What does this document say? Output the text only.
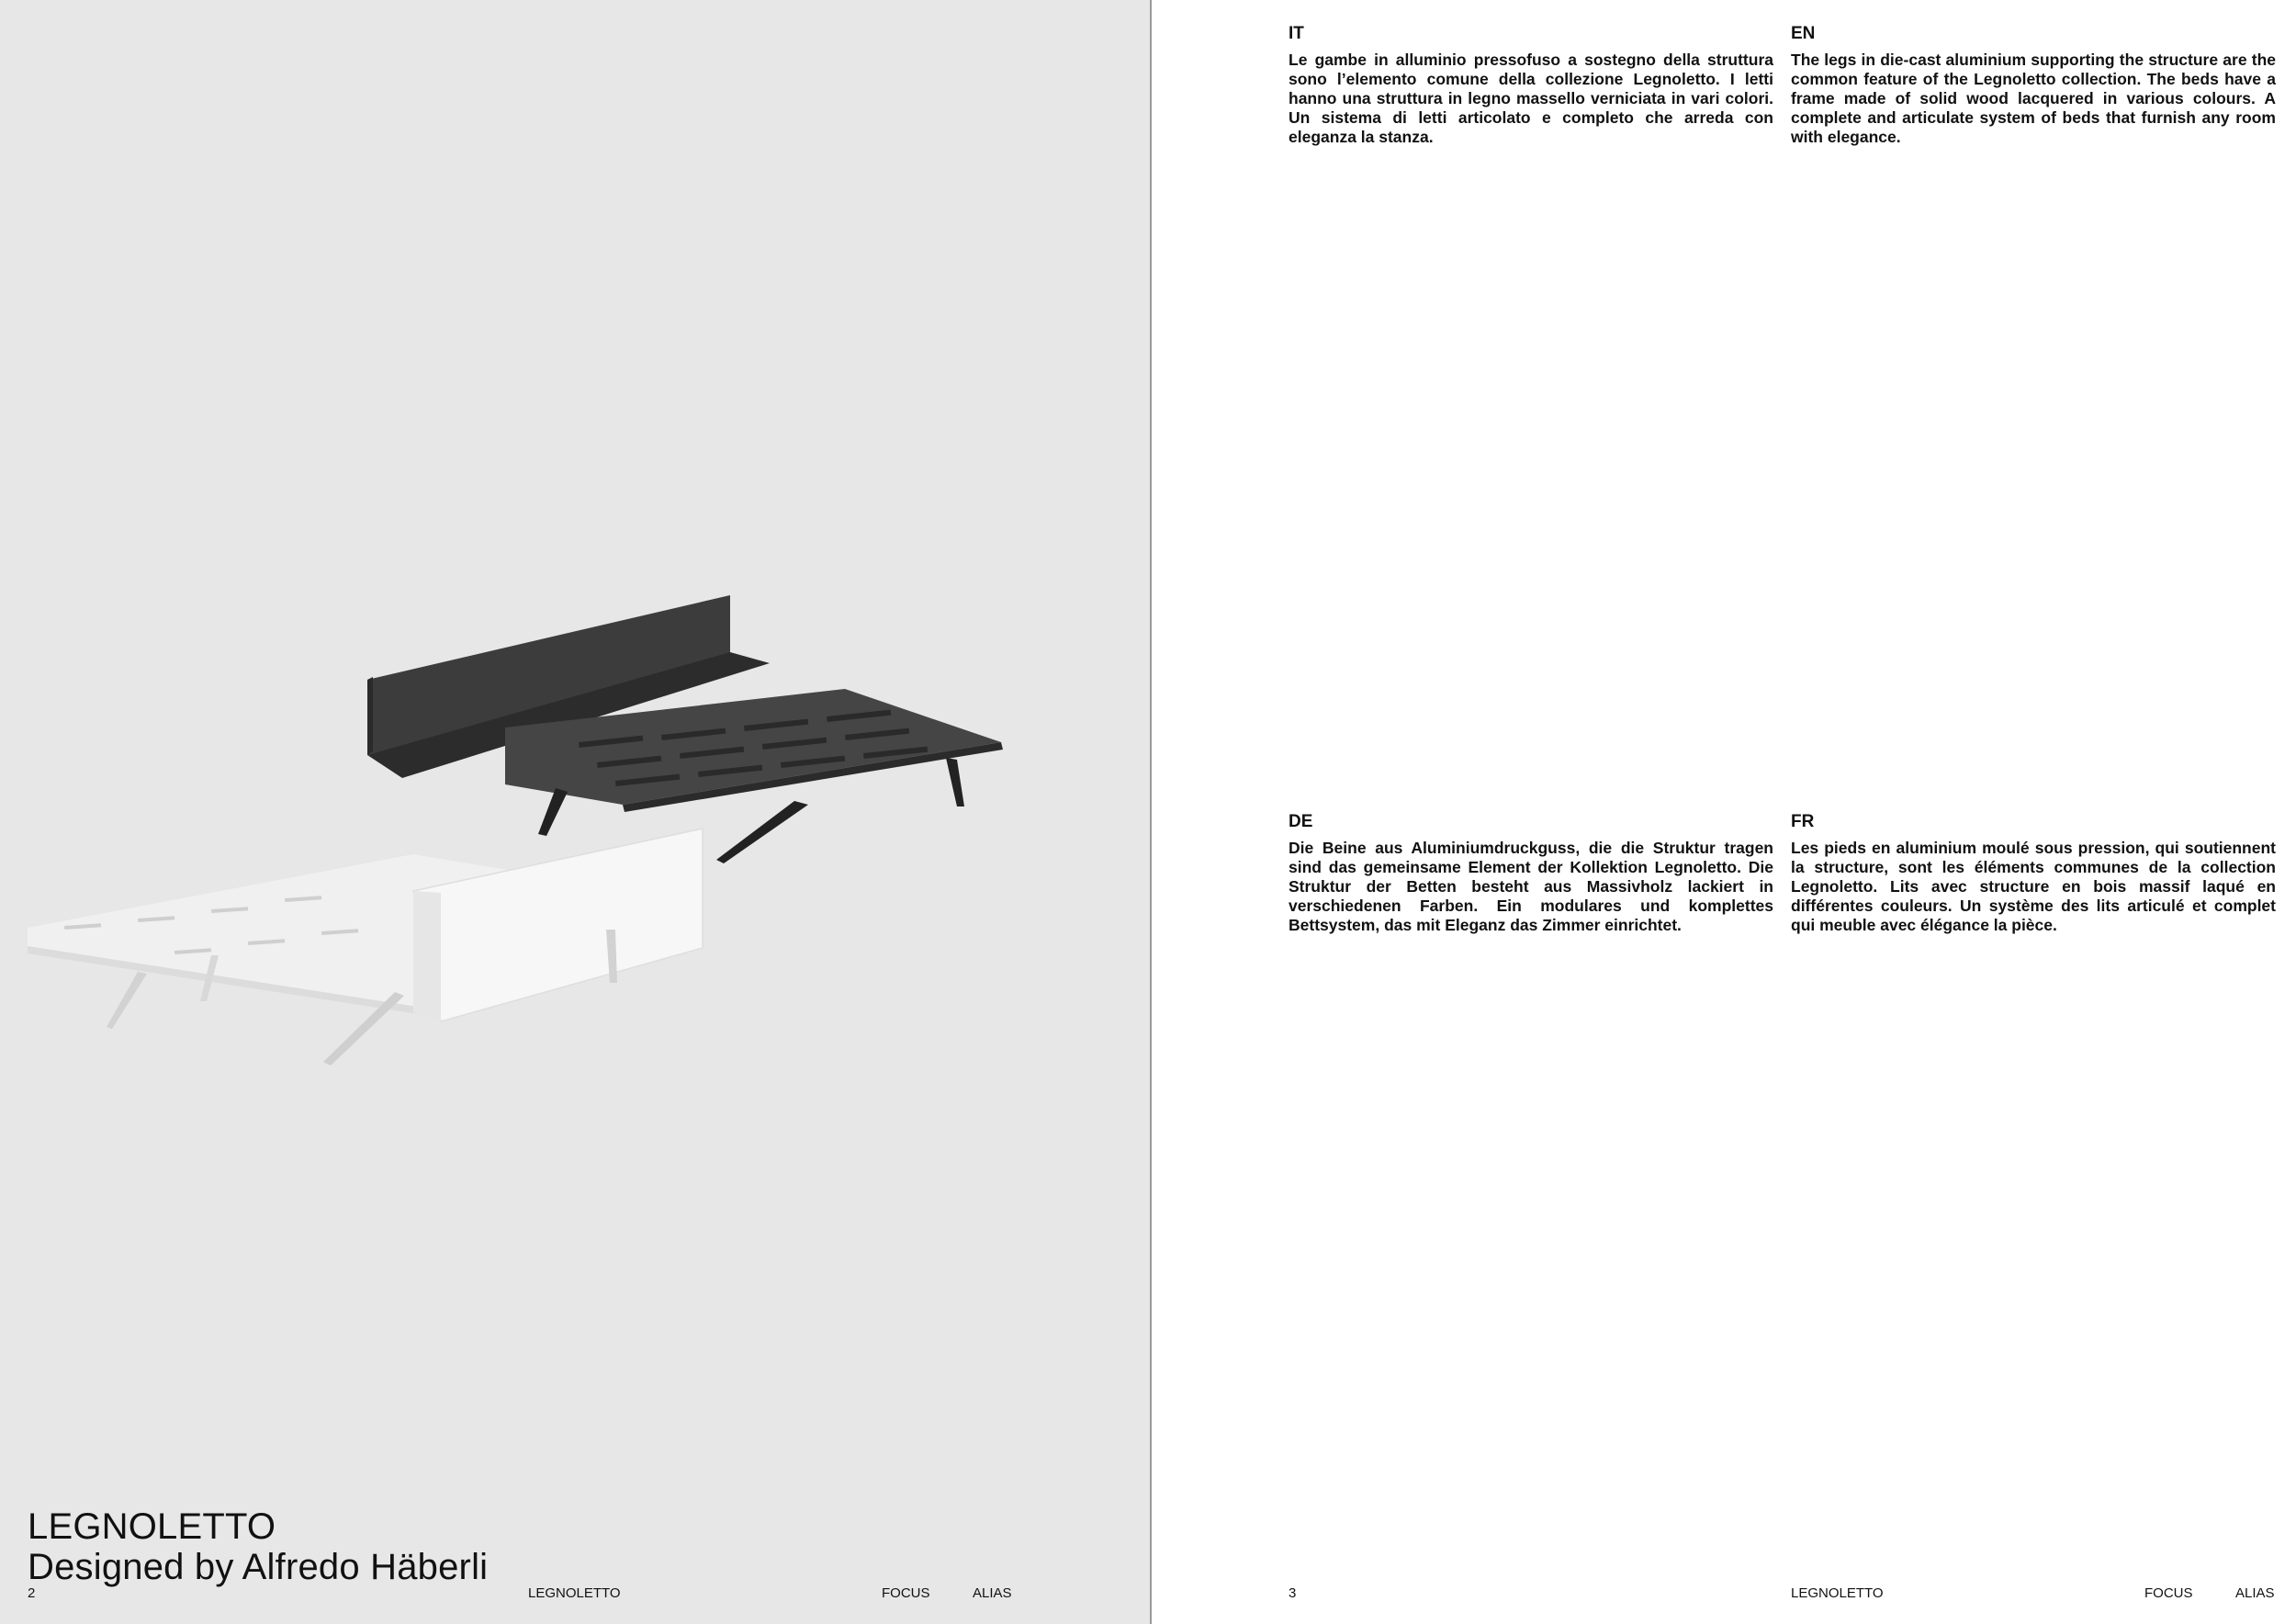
LEGNOLETTO
Designed by Alfredo Häberli
2	LEGNOLETTO	FOCUS	ALIAS
IT
Le gambe in alluminio pressofuso a sostegno della struttura sono l’elemento comune della collezione Legnoletto. I letti hanno una struttura in legno massello verniciata in vari colori. Un sistema di letti articolato e completo che arreda con eleganza la stanza.
EN
The legs in die-cast aluminium supporting the structure are the common feature of the Legnoletto collection. The beds have a frame made of solid wood lacquered in various colours. A complete and articulate system of beds that furnish any room with elegance.
DE
Die Beine aus Aluminiumdruckguss, die die Struktur tragen sind das gemeinsame Element der Kollektion Legnoletto. Die Struktur der Betten besteht aus Massivholz lackiert in verschiedenen Farben. Ein modulares und komplettes Bettsystem, das mit Eleganz das Zimmer einrichtet.
FR
Les pieds en aluminium moulé sous pression, qui soutiennent la structure, sont les éléments communes de la collection Legnoletto. Lits avec structure en bois massif laqué en différentes couleurs. Un système des lits articulé et complet qui meuble avec élégance la pièce.
3	LEGNOLETTO	FOCUS	ALIAS
